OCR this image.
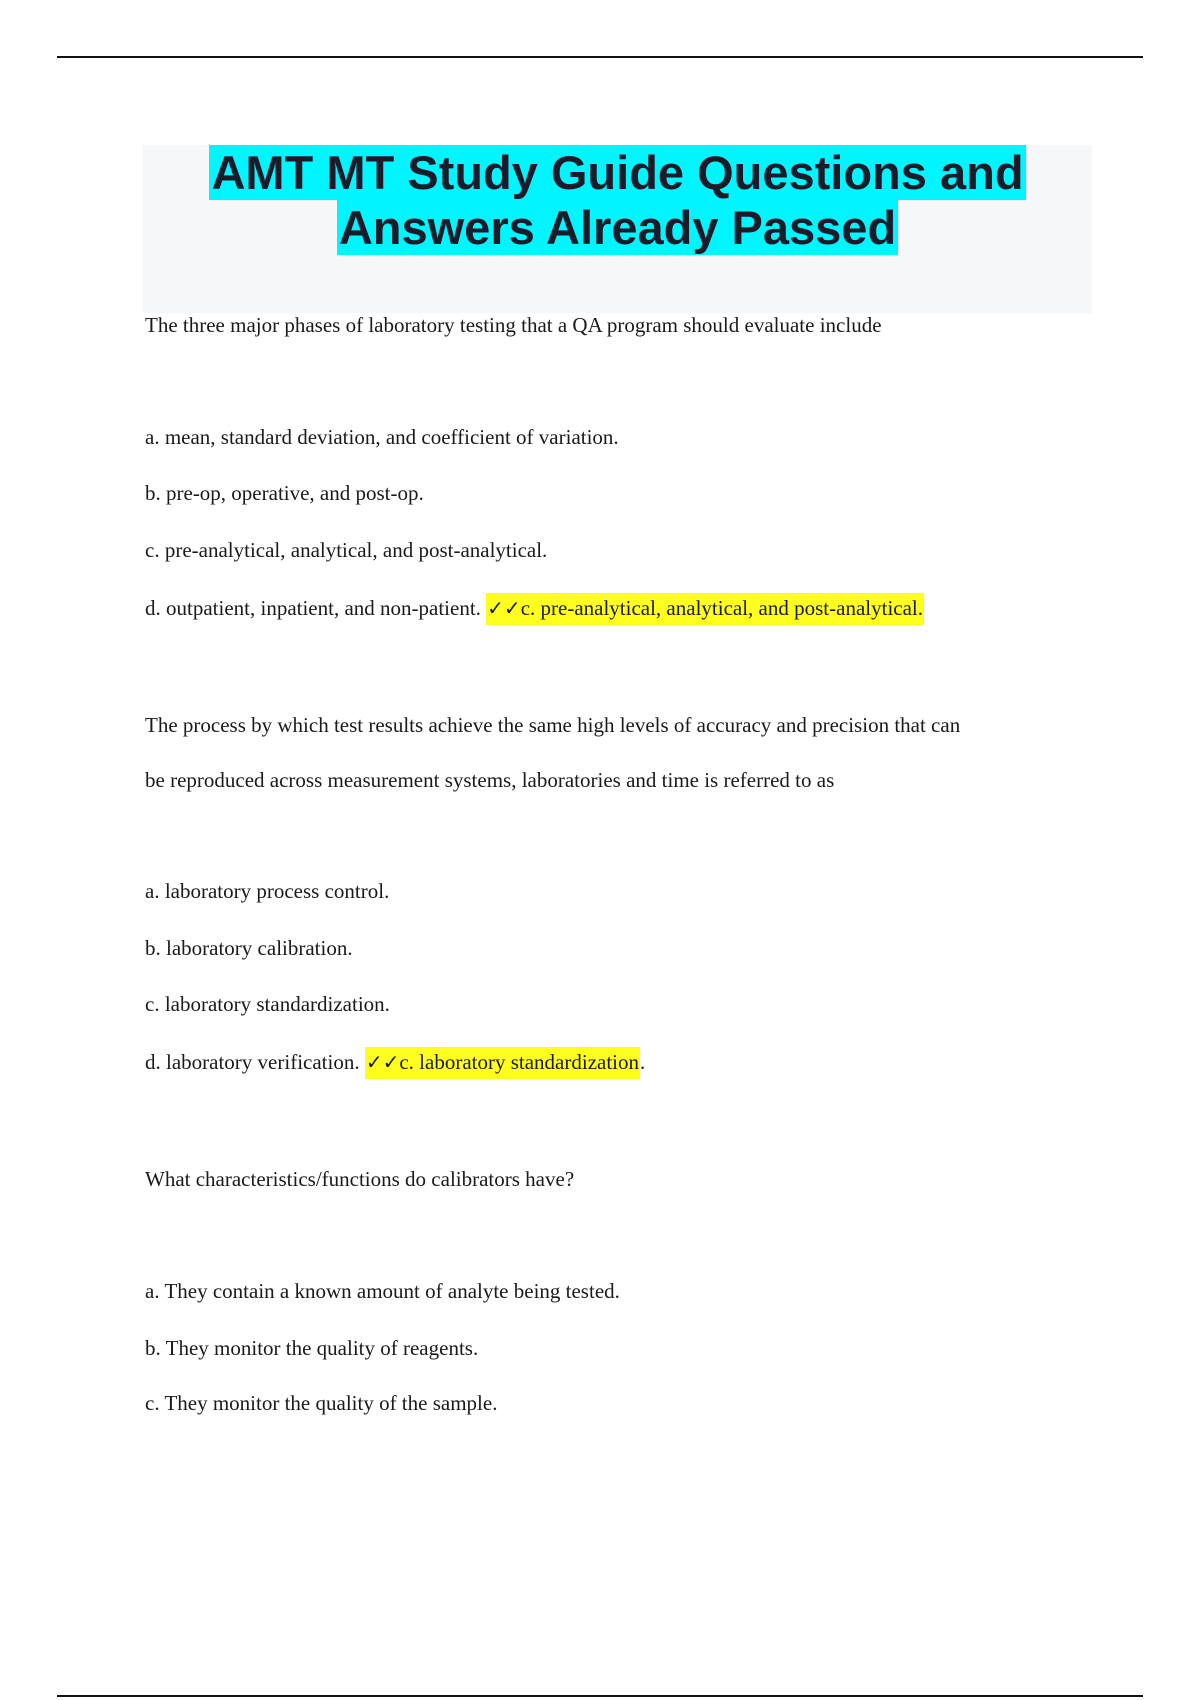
AMT MT Study Guide Questions and
Answers Already Passed
The three major phases of laboratory testing that a QA program should evaluate include
a. mean, standard deviation, and coefficient of variation.
b. pre-op, operative, and post-op.
c. pre-analytical, analytical, and post-analytical.
d. outpatient, inpatient, and non-patient. ✓✓c. pre-analytical, analytical, and post-analytical.
The process by which test results achieve the same high levels of accuracy and precision that can
be reproduced across measurement systems, laboratories and time is referred to as
a. laboratory process control.
b. laboratory calibration.
c. laboratory standardization.
d. laboratory verification. ✓✓c. laboratory standardization.
What characteristics/functions do calibrators have?
a. They contain a known amount of analyte being tested.
b. They monitor the quality of reagents.
c. They monitor the quality of the sample.
